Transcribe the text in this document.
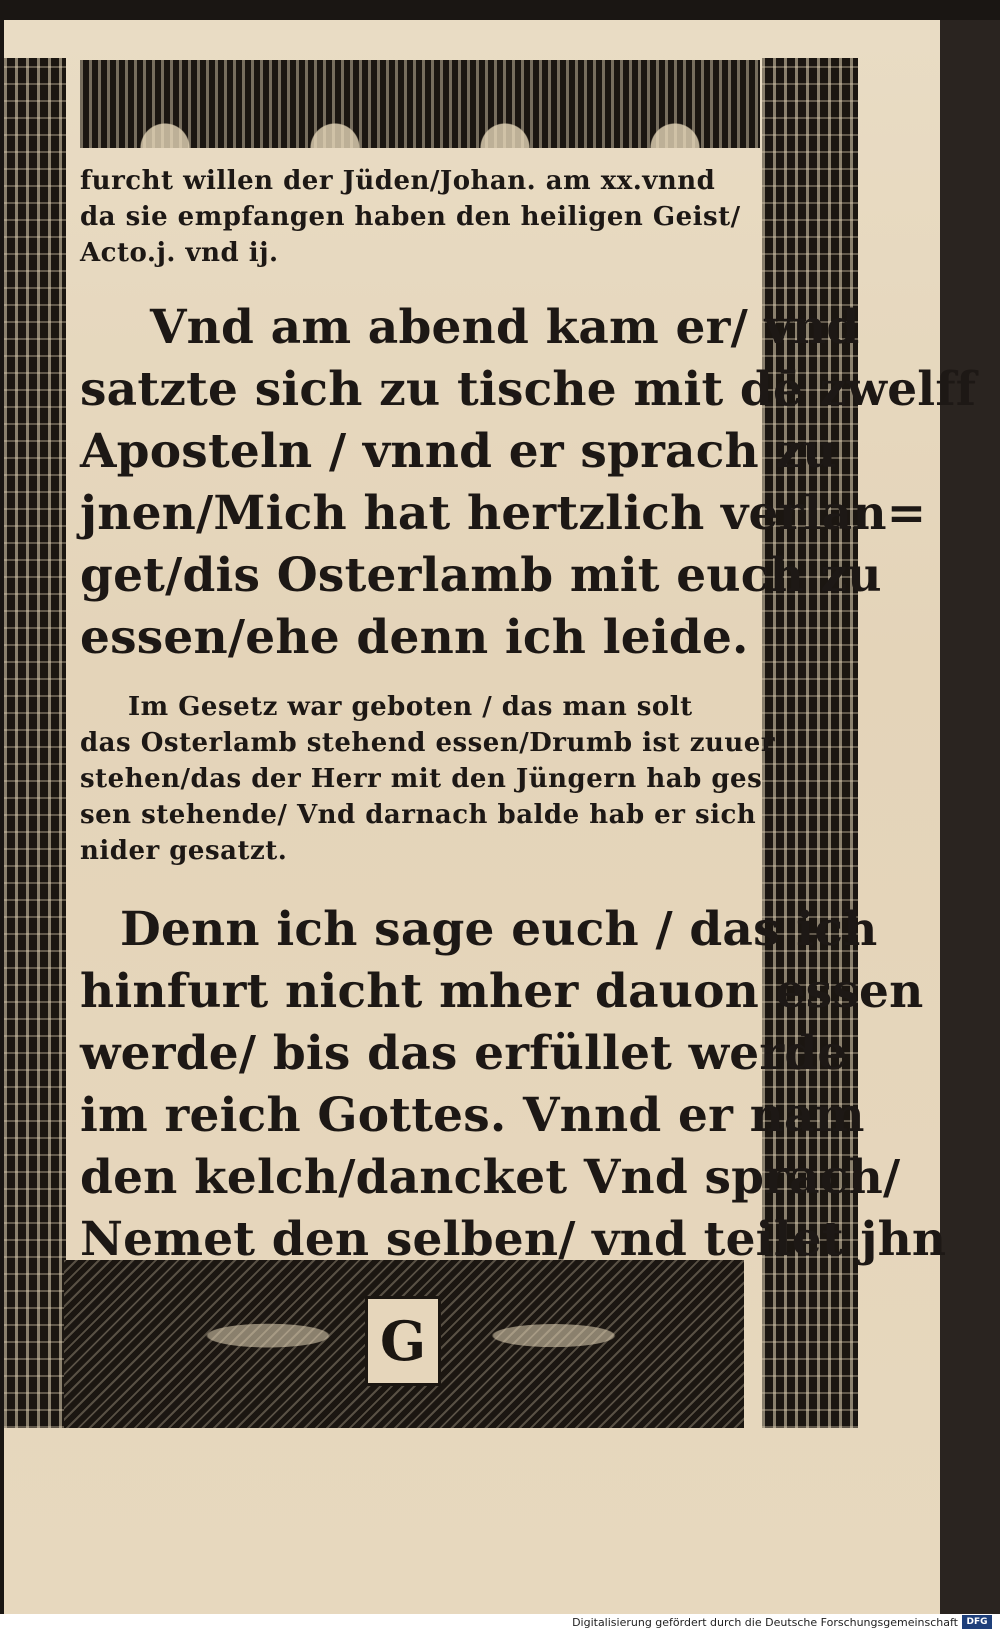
G
furcht willen der Jüden/Johan. am xx.vnnd
da sie empfangen haben den heiligen Geist/
Acto.j. vnd ij.
Vnd am abend kam er/ vnd
satzte sich zu tische mit dē zwelff
Aposteln / vnnd er sprach zu
jnen/Mich hat hertzlich verlan=
get/dis Osterlamb mit euch zu
essen/ehe denn ich leide.
Im Gesetz war geboten / das man solt
das Osterlamb stehend essen/Drumb ist zuuer
stehen/das der Herr mit den Jüngern hab ges
sen stehende/ Vnd darnach balde hab er sich
nider gesatzt.
Denn ich sage euch / das ich
hinfurt nicht mher dauon essen
werde/ bis das erfüllet werde
im reich Gottes. Vnnd er nam
den kelch/dancket Vnd sprach/
Nemet den selben/ vnd teilet jhn
Digitalisierung gefördert durch die Deutsche Forschungsgemeinschaft DFG
